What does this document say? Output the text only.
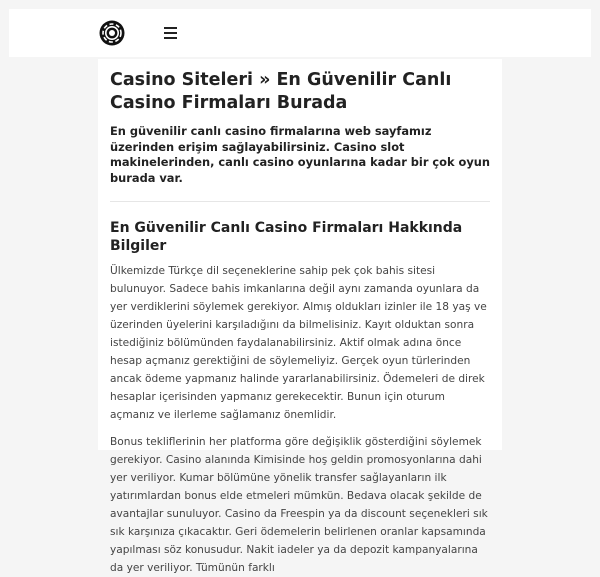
Casino Siteleri » En Güvenilir Canlı Casino Firmaları Burada

En güvenilir canlı casino firmalarına web sayfamız üzerinden erişim sağlayabilirsiniz. Casino slot makinelerinden, canlı casino oyunlarına kadar bir çok oyun burada var.

En Güvenilir Canlı Casino Firmaları Hakkında Bilgiler

Ülkemizde Türkçe dil seçeneklerine sahip pek çok bahis sitesi bulunuyor. Sadece bahis imkanlarına değil aynı zamanda oyunlara da yer verdiklerini söylemek gerekiyor. Almış oldukları izinler ile 18 yaş ve üzerinden üyelerini karşıladığını da bilmelisiniz. Kayıt olduktan sonra istediğiniz bölümünden faydalanabilirsiniz. Aktif olmak adına önce hesap açmanız gerektiğini de söylemeliyiz. Gerçek oyun türlerinden ancak ödeme yapmanız halinde yararlanabilirsiniz. Ödemeleri de direk hesaplar içerisinden yapmanız gerekecektir. Bunun için oturum açmanız ve ilerleme sağlamanız önemlidir.

Bonus tekliflerinin her platforma göre değişiklik gösterdiğini söylemek gerekiyor. Casino alanında Kimisinde hoş geldin promosyonlarına dahi yer veriliyor. Kumar bölümüne yönelik transfer sağlayanların ilk yatırımlardan bonus elde etmeleri mümkün. Bedava olacak şekilde de avantajlar sunuluyor. Casino da Freespin ya da discount seçenekleri sık sık karşınıza çıkacaktır. Geri ödemelerin belirlenen oranlar kapsamında yapılması söz konusudur. Nakit iadeler ya da depozit kampanyalarına da yer veriliyor. Tümünün farklı
